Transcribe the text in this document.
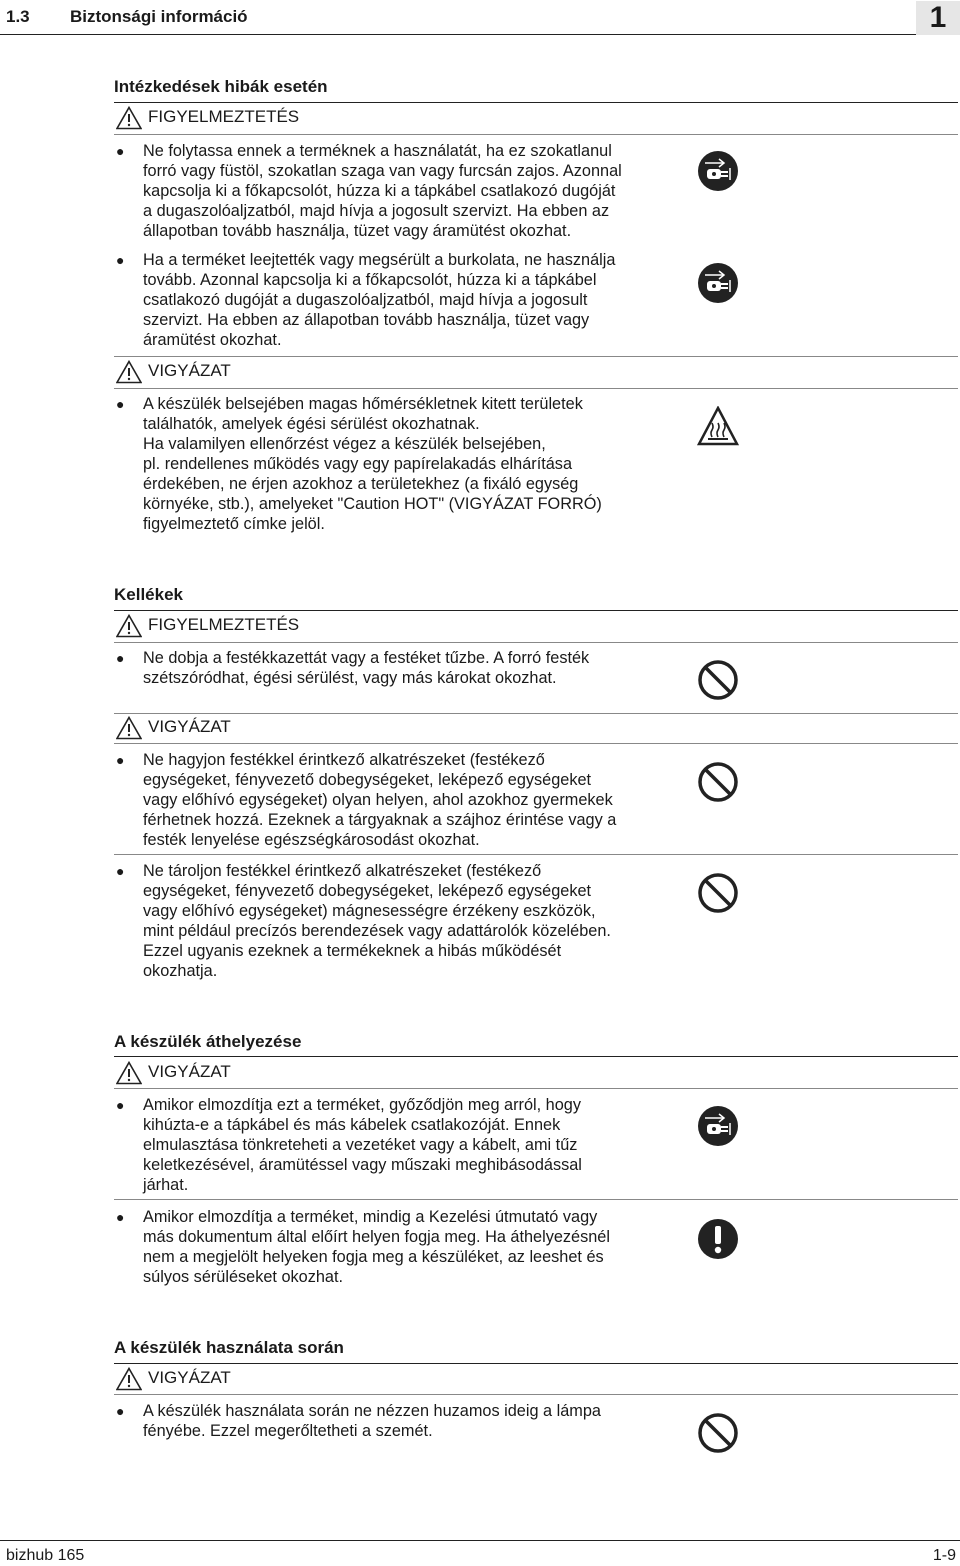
1.3 Biztonsági információ	1
Intézkedések hibák esetén
FIGYELMEZTETÉS
● Ne folytassa ennek a terméknek a használatát, ha ez szokatlanul
forró vagy füstöl, szokatlan szaga van vagy furcsán zajos. Azonnal
kapcsolja ki a főkapcsolót, húzza ki a tápkábel csatlakozó dugóját
a dugaszolóaljzatból, majd hívja a jogosult szervizt. Ha ebben az
állapotban tovább használja, tüzet vagy áramütést okozhat.
● Ha a terméket leejtették vagy megsérült a burkolata, ne használja
tovább. Azonnal kapcsolja ki a főkapcsolót, húzza ki a tápkábel
csatlakozó dugóját a dugaszolóaljzatból, majd hívja a jogosult
szervizt. Ha ebben az állapotban tovább használja, tüzet vagy
áramütést okozhat.
VIGYÁZAT
● A készülék belsejében magas hőmérsékletnek kitett területek
találhatók, amelyek égési sérülést okozhatnak.
Ha valamilyen ellenőrzést végez a készülék belsejében,
pl. rendellenes működés vagy egy papírelakadás elhárítása
érdekében, ne érjen azokhoz a területekhez (a fixáló egység
környéke, stb.), amelyeket "Caution HOT" (VIGYÁZAT FORRÓ)
figyelmeztető címke jelöl.
Kellékek
FIGYELMEZTETÉS
● Ne dobja a festékkazettát vagy a festéket tűzbe. A forró festék
szétszóródhat, égési sérülést, vagy más károkat okozhat.
VIGYÁZAT
● Ne hagyjon festékkel érintkező alkatrészeket (festékező
egységeket, fényvezető dobegységeket, leképező egységeket
vagy előhívó egységeket) olyan helyen, ahol azokhoz gyermekek
férhetnek hozzá. Ezeknek a tárgyaknak a szájhoz érintése vagy a
festék lenyelése egészségkárosodást okozhat.
● Ne tároljon festékkel érintkező alkatrészeket (festékező
egységeket, fényvezető dobegységeket, leképező egységeket
vagy előhívó egységeket) mágnesességre érzékeny eszközök,
mint például precízós berendezések vagy adattárolók közelében.
Ezzel ugyanis ezeknek a termékeknek a hibás működését
okozhatja.
A készülék áthelyezése
VIGYÁZAT
● Amikor elmozdítja ezt a terméket, győződjön meg arról, hogy
kihúzta-e a tápkábel és más kábelek csatlakozóját. Ennek
elmulasztása tönkreteheti a vezetéket vagy a kábelt, ami tűz
keletkezésével, áramütéssel vagy műszaki meghibásodással
járhat.
● Amikor elmozdítja a terméket, mindig a Kezelési útmutató vagy
más dokumentum által előírt helyen fogja meg. Ha áthelyezésnél
nem a megjelölt helyeken fogja meg a készüléket, az leeshet és
súlyos sérüléseket okozhat.
A készülék használata során
VIGYÁZAT
● A készülék használata során ne nézzen huzamos ideig a lámpa
fényébe. Ezzel megerőltetheti a szemét.
bizhub 165	1-9
